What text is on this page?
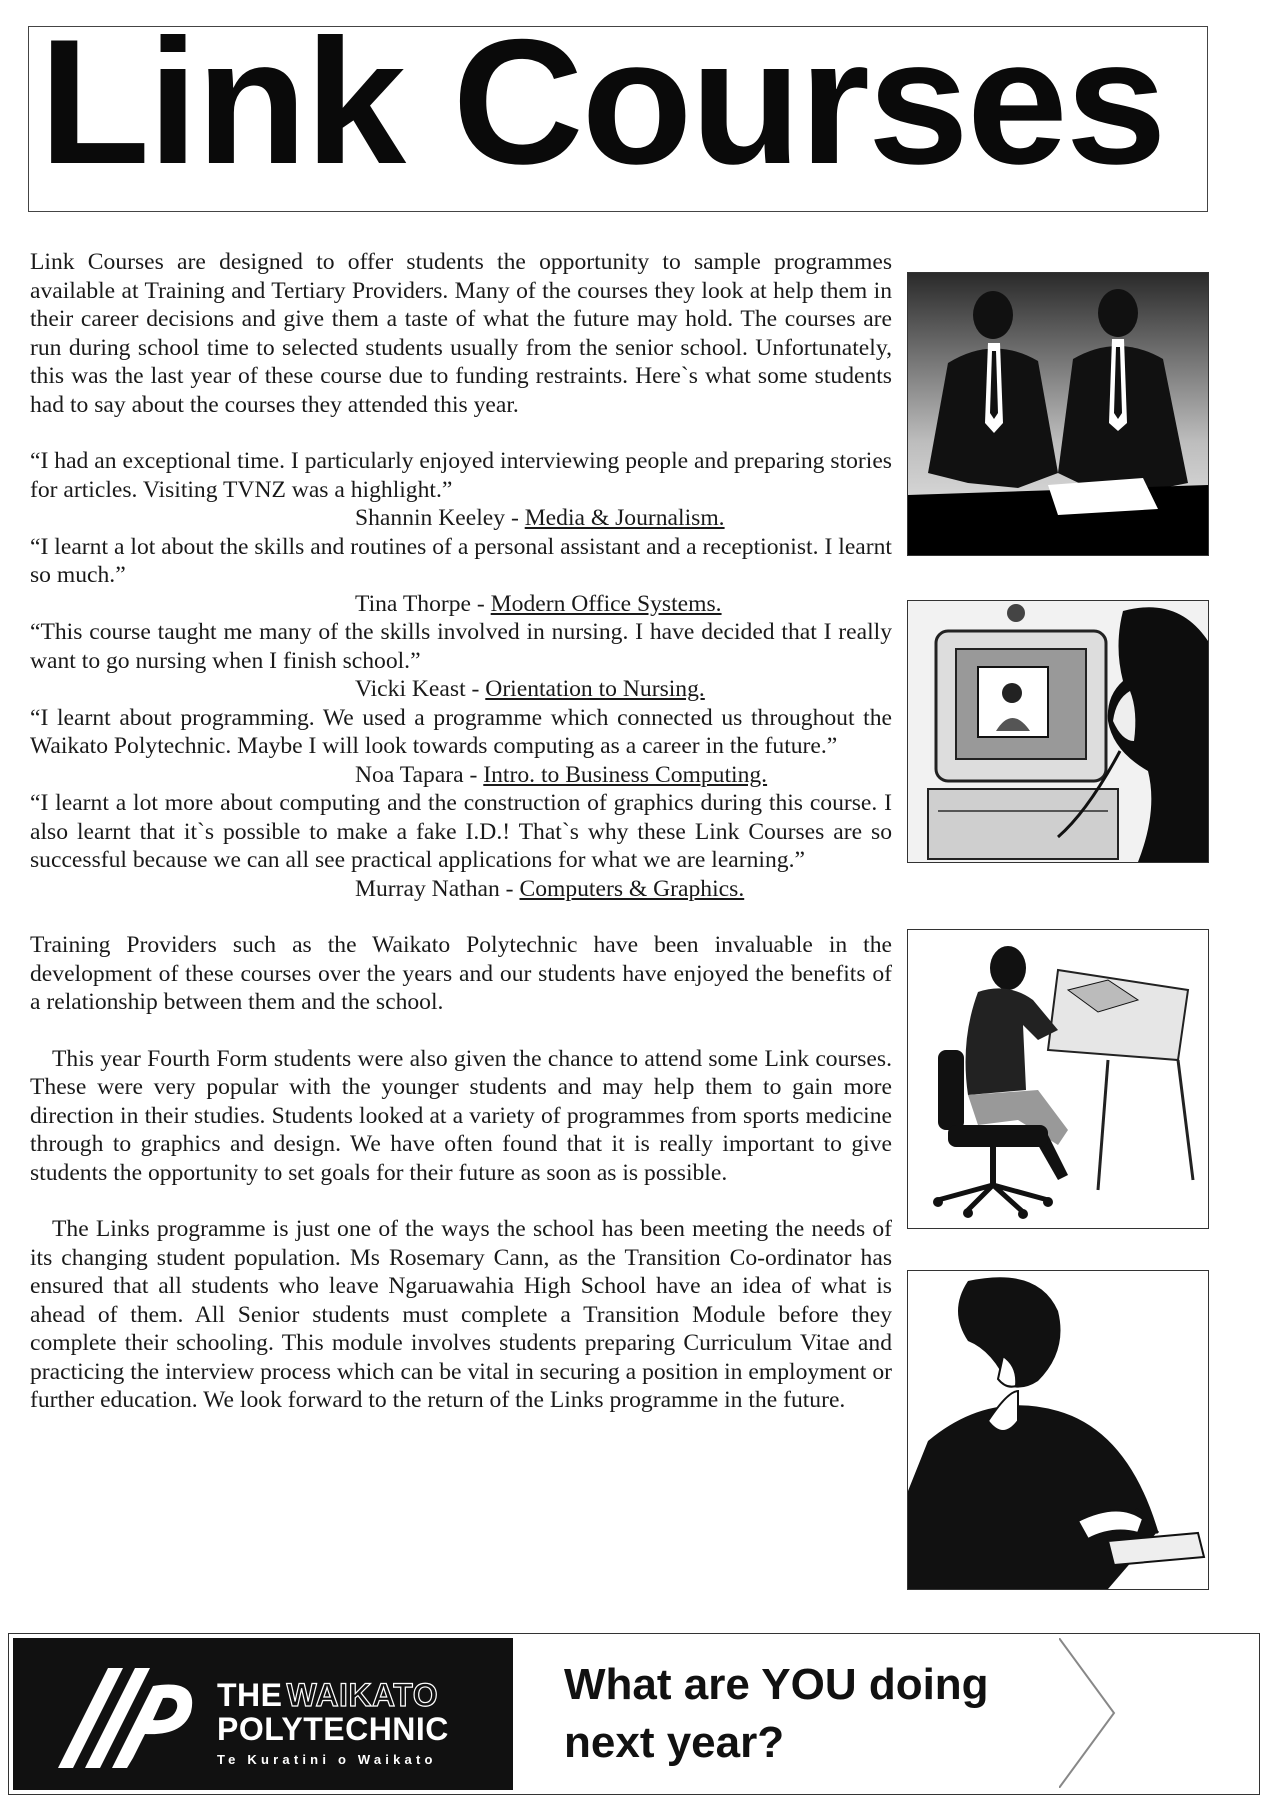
Link Courses

Link Courses are designed to offer students the opportunity to sample programmes available at Training and Tertiary Providers. Many of the courses they look at help them in their career decisions and give them a taste of what the future may hold. The courses are run during school time to selected students usually from the senior school. Unfortunately, this was the last year of these course due to funding restraints. Here`s what some students had to say about the courses they attended this year.

“I had an exceptional time. I particularly enjoyed interviewing people and preparing stories for articles. Visiting TVNZ was a highlight.”

Shannin Keeley - Media & Journalism.

“I learnt a lot about the skills and routines of a personal assistant and a receptionist. I learnt so much.”

Tina Thorpe - Modern Office Systems.

“This course taught me many of the skills involved in nursing. I have decided that I really want to go nursing when I finish school.”

Vicki Keast - Orientation to Nursing.

“I learnt about programming. We used a programme which connected us throughout the Waikato Polytechnic. Maybe I will look towards computing as a career in the future.”

Noa Tapara - Intro. to Business Computing.

“I learnt a lot more about computing and the construction of graphics during this course. I also learnt that it`s possible to make a fake I.D.! That`s why these Link Courses are so successful because we can all see practical applications for what we are learning.”

Murray Nathan - Computers & Graphics.

Training Providers such as the Waikato Polytechnic have been invaluable in the development of these courses over the years and our students have enjoyed the benefits of a relationship between them and the school.

This year Fourth Form students were also given the chance to attend some Link courses. These were very popular with the younger students and may help them to gain more direction in their studies. Students looked at a variety of programmes from sports medicine through to graphics and design. We have often found that it is really important to give students the opportunity to set goals for their future as soon as is possible.

The Links programme is just one of the ways the school has been meeting the needs of its changing student population. Ms Rosemary Cann, as the Transition Co-ordinator has ensured that all students who leave Ngaruawahia High School have an idea of what is ahead of them. All Senior students must complete a Transition Module before they complete their schooling. This module involves students preparing Curriculum Vitae and practicing the interview process which can be vital in securing a position in employment or further education. We look forward to the return of the Links programme in the future.

THE WAIKATO
POLYTECHNIC
Te Kuratini o Waikato
What are YOU doing
next year?
